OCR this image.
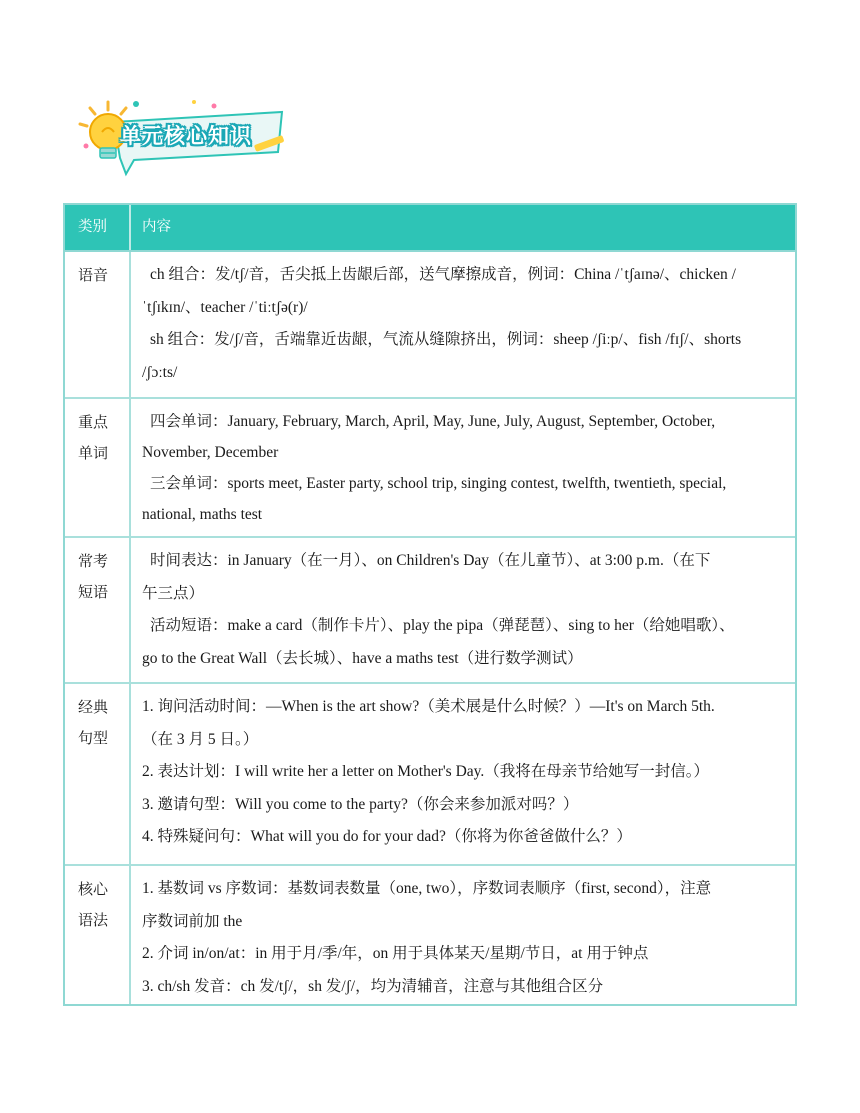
单元核心知识
类别	内容
语音	ch 组合：发/tʃ/音，舌尖抵上齿龈后部，送气摩擦成音，例词：China /ˈtʃaɪnə/、chicken /
ˈtʃɪkɪn/、teacher /ˈtiːtʃə(r)/
sh 组合：发/ʃ/音，舌端靠近齿龈，气流从缝隙挤出，例词：sheep /ʃiːp/、fish /fɪʃ/、shorts
/ʃɔːts/
重点
单词
四会单词：January, February, March, April, May, June, July, August, September, October,
November, December
三会单词：sports meet, Easter party, school trip, singing contest, twelfth, twentieth, special,
national, maths test
常考
短语
时间表达：in January（在一月）、on Children's Day（在儿童节）、at 3:00 p.m.（在下
午三点）
活动短语：make a card（制作卡片）、play the pipa（弹琵琶）、sing to her（给她唱歌）、
go to the Great Wall（去长城）、have a maths test（进行数学测试）
经典
句型
1. 询问活动时间：—When is the art show?（美术展是什么时候？）—It's on March 5th.
（在 3 月 5 日。）
2. 表达计划：I will write her a letter on Mother's Day.（我将在母亲节给她写一封信。）
3. 邀请句型：Will you come to the party?（你会来参加派对吗？）
4. 特殊疑问句：What will you do for your dad?（你将为你爸爸做什么？）
核心
语法
1. 基数词 vs 序数词：基数词表数量（one, two），序数词表顺序（first, second），注意
序数词前加 the
2. 介词 in/on/at：in 用于月/季/年，on 用于具体某天/星期/节日，at 用于钟点
3. ch/sh 发音：ch 发/tʃ/，sh 发/ʃ/，均为清辅音，注意与其他组合区分
